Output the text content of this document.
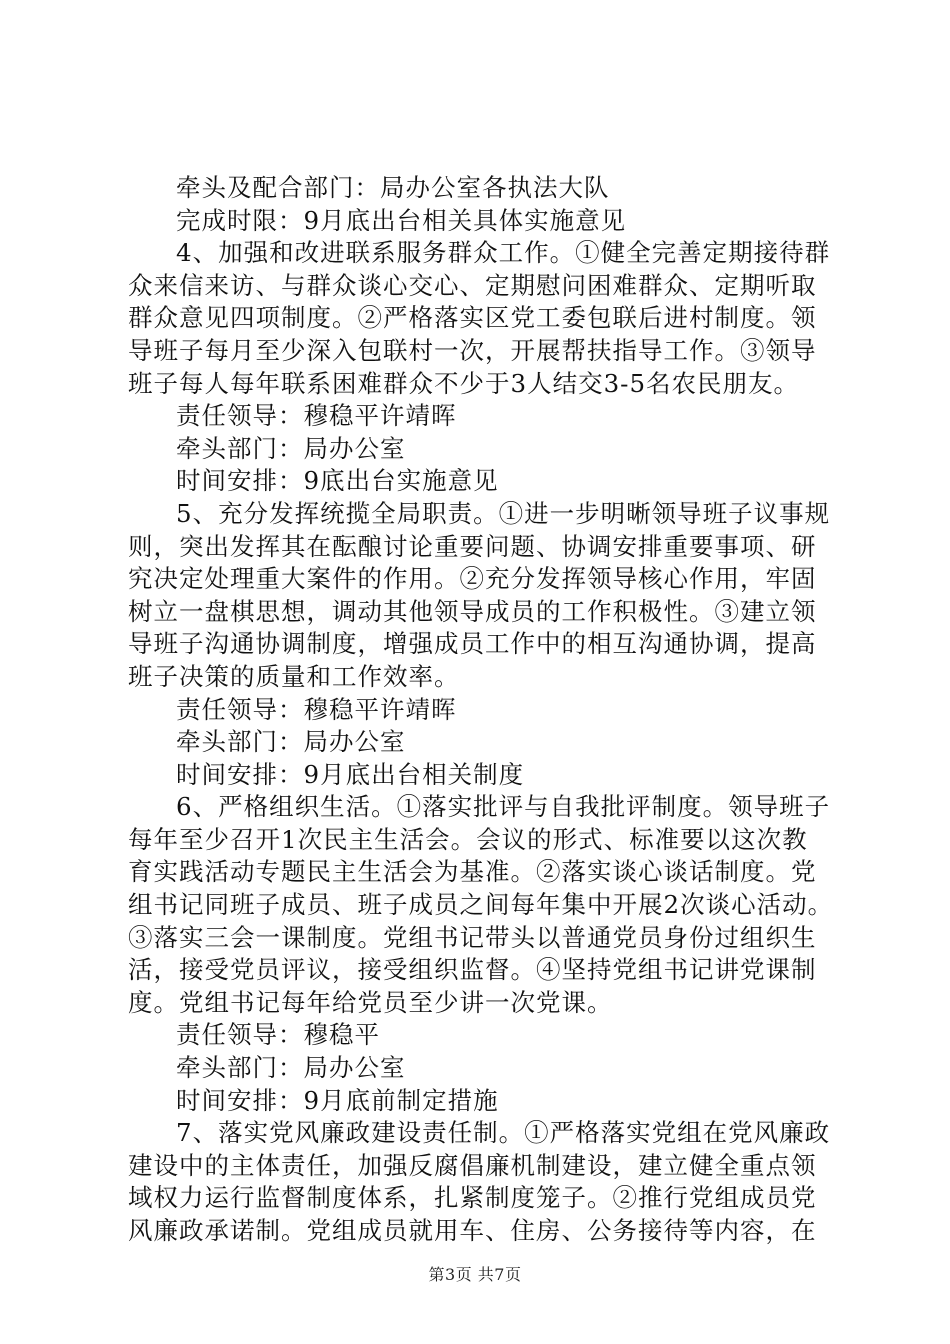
牵头及配合部门：局办公室各执法大队
完成时限：9月底出台相关具体实施意见
4、加强和改进联系服务群众工作。①健全完善定期接待群
众来信来访、与群众谈心交心、定期慰问困难群众、定期听取
群众意见四项制度。②严格落实区党工委包联后进村制度。领
导班子每月至少深入包联村一次，开展帮扶指导工作。③领导
班子每人每年联系困难群众不少于3人结交3-5名农民朋友。
责任领导：穆稳平许靖晖
牵头部门：局办公室
时间安排：9底出台实施意见
5、充分发挥统揽全局职责。①进一步明晰领导班子议事规
则，突出发挥其在酝酿讨论重要问题、协调安排重要事项、研
究决定处理重大案件的作用。②充分发挥领导核心作用，牢固
树立一盘棋思想，调动其他领导成员的工作积极性。③建立领
导班子沟通协调制度，增强成员工作中的相互沟通协调，提高
班子决策的质量和工作效率。
责任领导：穆稳平许靖晖
牵头部门：局办公室
时间安排：9月底出台相关制度
6、严格组织生活。①落实批评与自我批评制度。领导班子
每年至少召开1次民主生活会。会议的形式、标准要以这次教
育实践活动专题民主生活会为基准。②落实谈心谈话制度。党
组书记同班子成员、班子成员之间每年集中开展2次谈心活动。
③落实三会一课制度。党组书记带头以普通党员身份过组织生
活，接受党员评议，接受组织监督。④坚持党组书记讲党课制
度。党组书记每年给党员至少讲一次党课。
责任领导：穆稳平
牵头部门：局办公室
时间安排：9月底前制定措施
7、落实党风廉政建设责任制。①严格落实党组在党风廉政
建设中的主体责任，加强反腐倡廉机制建设，建立健全重点领
域权力运行监督制度体系，扎紧制度笼子。②推行党组成员党
风廉政承诺制。党组成员就用车、住房、公务接待等内容，在
第3页 共7页
